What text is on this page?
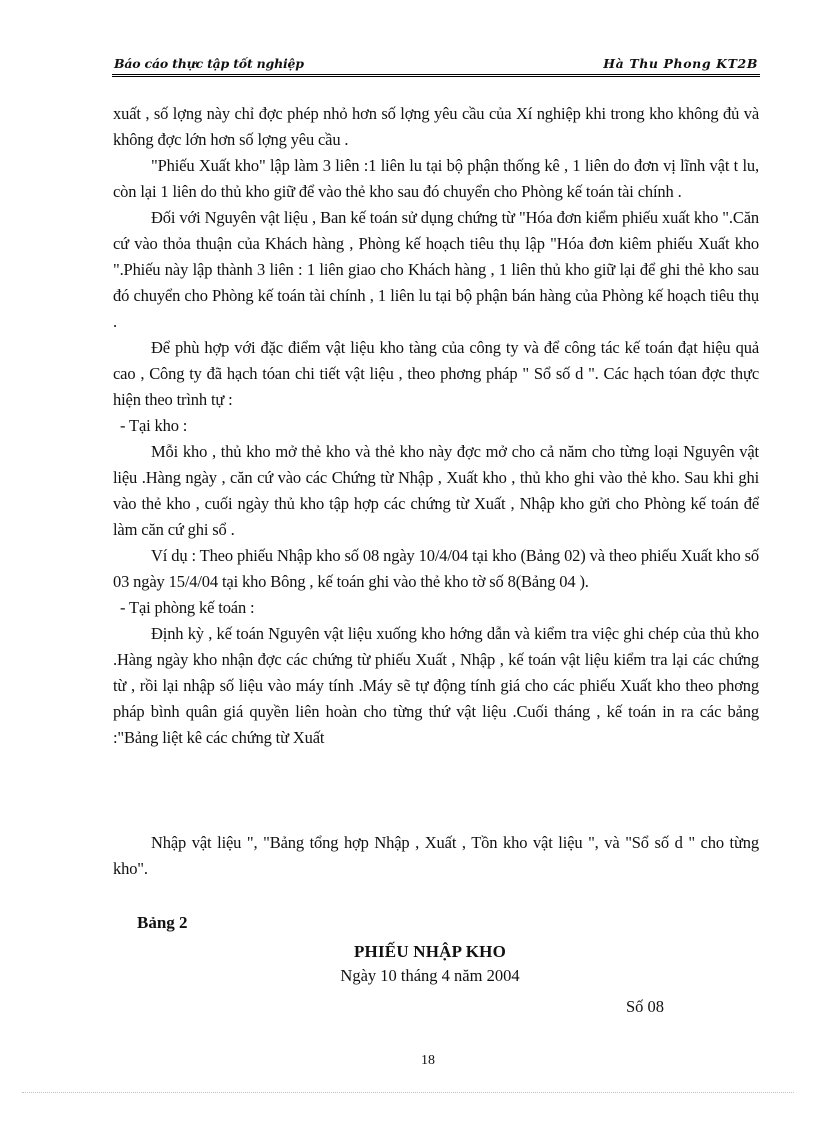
Báo cáo thực tập tốt nghiệp	Hà Thu Phong KT2B

xuất , số lợng này chỉ đợc phép nhỏ hơn số lợng yêu cầu của Xí nghiệp khi trong kho không đủ và không đợc lớn hơn số lợng yêu cầu .

"Phiếu Xuất kho" lập làm 3 liên :1 liên lu tại bộ phận thống kê , 1 liên do đơn vị lĩnh vật t lu, còn lại 1 liên do thủ kho giữ để vào thẻ kho sau đó chuyển cho Phòng kế toán tài chính .

Đối với Nguyên vật liệu , Ban kế toán sử dụng chứng từ "Hóa đơn kiểm phiếu xuất kho ".Căn cứ vào thỏa thuận của Khách hàng , Phòng kế hoạch tiêu thụ lập "Hóa đơn kiêm phiếu Xuất kho ".Phiếu này lập thành 3 liên : 1 liên giao cho Khách hàng , 1 liên thủ kho giữ lại để ghi thẻ kho sau đó chuyển cho Phòng kế toán tài chính , 1 liên lu tại bộ phận bán hàng của Phòng kế hoạch tiêu thụ .

Để phù hợp với đặc điểm vật liệu kho tàng của công ty và để công tác kế toán đạt hiệu quả cao , Công ty đã hạch tóan chi tiết vật liệu , theo phơng pháp " Sổ số d ". Các hạch tóan đợc thực hiện theo trình tự :

- Tại kho :

Mỗi kho , thủ kho mở thẻ kho và thẻ kho này đợc mở cho cả năm cho từng loại Nguyên vật liệu .Hàng ngày , căn cứ vào các Chứng từ Nhập , Xuất kho , thủ kho ghi vào thẻ kho. Sau khi ghi vào thẻ kho , cuối ngày thủ kho tập hợp các chứng từ Xuất , Nhập kho gửi cho Phòng kế toán để làm căn cứ ghi sổ .

Ví dụ : Theo phiếu Nhập kho số 08 ngày 10/4/04 tại kho (Bảng 02) và theo phiếu Xuất kho số 03 ngày 15/4/04 tại kho Bông , kế toán ghi vào thẻ kho tờ số 8(Bảng 04 ).

- Tại phòng kế toán :

Định kỳ , kế toán Nguyên vật liệu xuống kho hớng dẫn và kiểm tra việc ghi chép của thủ kho .Hàng ngày kho nhận đợc các chứng từ phiếu Xuất , Nhập , kế toán vật liệu kiểm tra lại các chứng từ , rồi lại nhập số liệu vào máy tính .Máy sẽ tự động tính giá cho các phiếu Xuất kho theo phơng pháp bình quân giá quyền liên hoàn cho từng thứ vật liệu .Cuối tháng , kế toán in ra các bảng :"Bảng liệt kê các chứng từ Xuất

Nhập vật liệu ", "Bảng tổng hợp Nhập , Xuất , Tồn kho vật liệu ", và "Sổ số d " cho từng kho".

Bảng 2
PHIẾU NHẬP KHO
Ngày 10 tháng 4 năm 2004
Số 08
18
